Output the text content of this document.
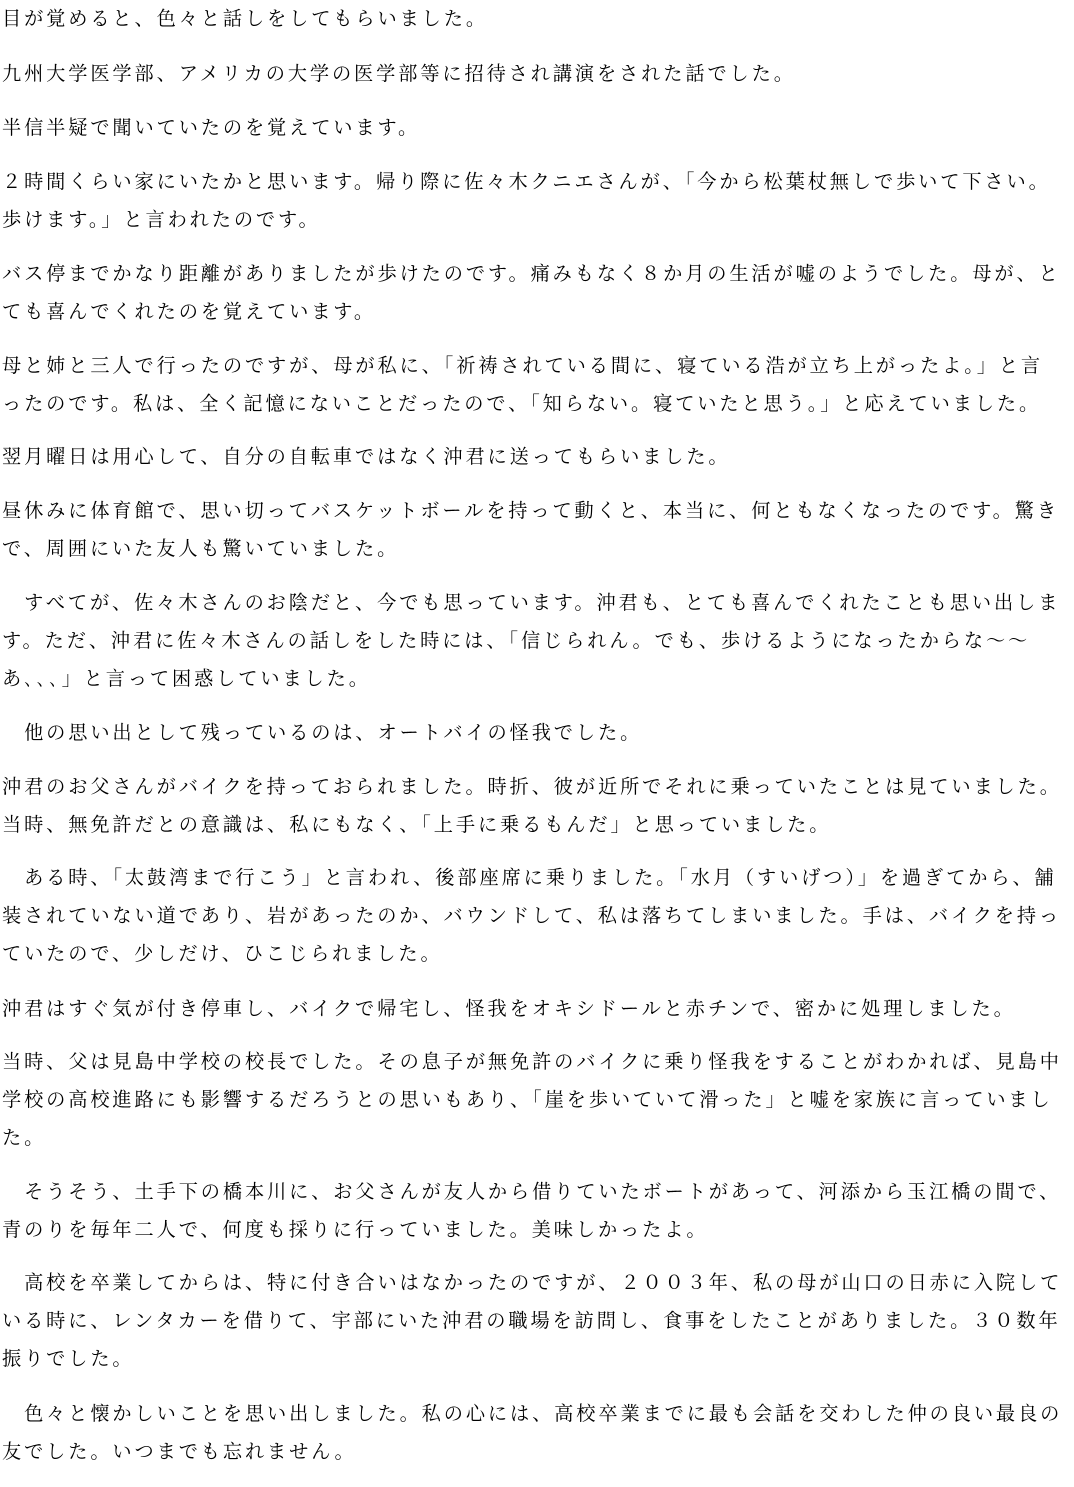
目が覚めると、色々と話しをしてもらいました。

九州大学医学部、アメリカの大学の医学部等に招待され講演をされた話でした。

半信半疑で聞いていたのを覚えています。

２時間くらい家にいたかと思います。帰り際に佐々木クニエさんが、「今から松葉杖無しで歩いて下さい。歩けます。」と言われたのです。

バス停までかなり距離がありましたが歩けたのです。痛みもなく８か月の生活が嘘のようでした。母が、とても喜んでくれたのを覚えています。

母と姉と三人で行ったのですが、母が私に、「祈祷されている間に、寝ている浩が立ち上がったよ。」と言ったのです。私は、全く記憶にないことだったので、「知らない。寝ていたと思う。」と応えていました。

翌月曜日は用心して、自分の自転車ではなく沖君に送ってもらいました。

昼休みに体育館で、思い切ってバスケットボールを持って動くと、本当に、何ともなくなったのです。驚きで、周囲にいた友人も驚いていました。

　すべてが、佐々木さんのお陰だと、今でも思っています。沖君も、とても喜んでくれたことも思い出します。ただ、沖君に佐々木さんの話しをした時には、「信じられん。でも、歩けるようになったからな～～あ､､､」と言って困惑していました。

　他の思い出として残っているのは、オートバイの怪我でした。

沖君のお父さんがバイクを持っておられました。時折、彼が近所でそれに乗っていたことは見ていました。当時、無免許だとの意識は、私にもなく、「上手に乗るもんだ」と思っていました。

　ある時、「太鼓湾まで行こう」と言われ、後部座席に乗りました。「水月（すいげつ）」を過ぎてから、舗装されていない道であり、岩があったのか、バウンドして、私は落ちてしまいました。手は、バイクを持っていたので、少しだけ、ひこじられました。

沖君はすぐ気が付き停車し、バイクで帰宅し、怪我をオキシドールと赤チンで、密かに処理しました。

当時、父は見島中学校の校長でした。その息子が無免許のバイクに乗り怪我をすることがわかれば、見島中学校の高校進路にも影響するだろうとの思いもあり、「崖を歩いていて滑った」と嘘を家族に言っていました。

　そうそう、土手下の橋本川に、お父さんが友人から借りていたボートがあって、河添から玉江橋の間で、青のりを毎年二人で、何度も採りに行っていました。美味しかったよ。

　高校を卒業してからは、特に付き合いはなかったのですが、２００３年、私の母が山口の日赤に入院している時に、レンタカーを借りて、宇部にいた沖君の職場を訪問し、食事をしたことがありました。３０数年振りでした。

　色々と懐かしいことを思い出しました。私の心には、高校卒業までに最も会話を交わした仲の良い最良の友でした。いつまでも忘れません。
